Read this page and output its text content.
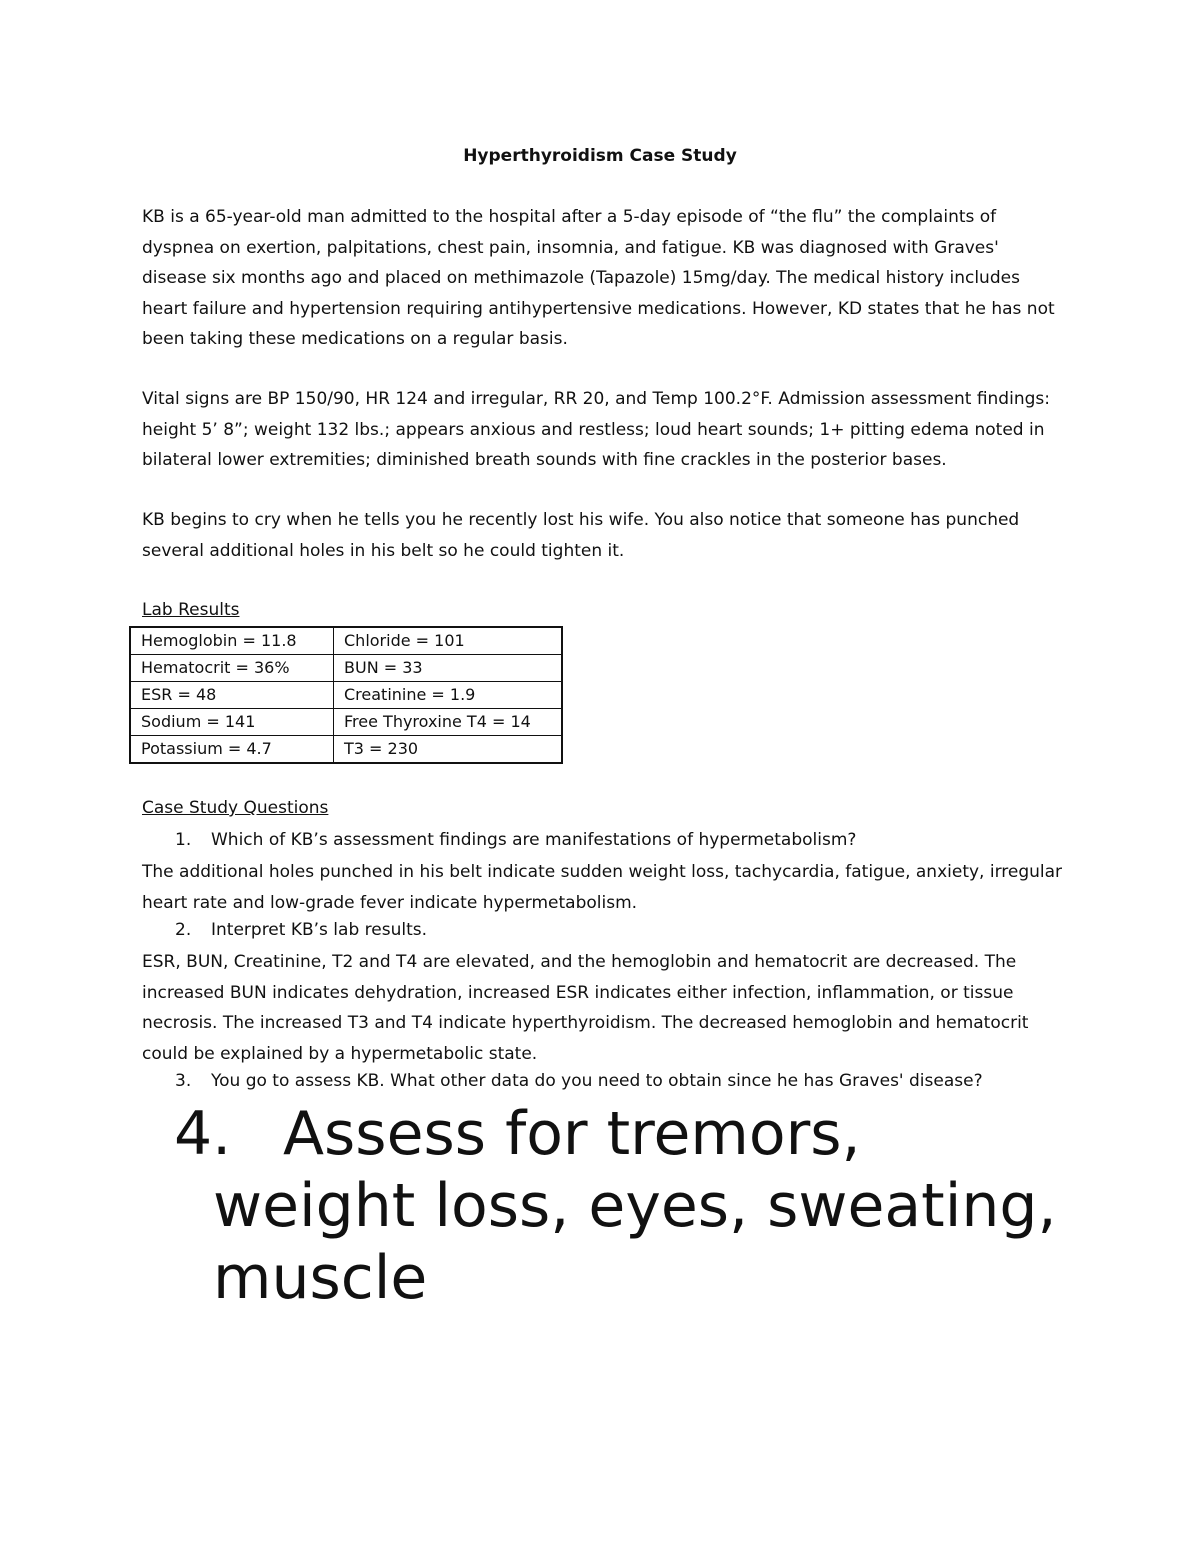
Hyperthyroidism Case Study

KB is a 65-year-old man admitted to the hospital after a 5-day episode of “the flu” the complaints of dyspnea on exertion, palpitations, chest pain, insomnia, and fatigue. KB was diagnosed with Graves' disease six months ago and placed on methimazole (Tapazole) 15mg/day. The medical history includes heart failure and hypertension requiring antihypertensive medications. However, KD states that he has not been taking these medications on a regular basis.

Vital signs are BP 150/90, HR 124 and irregular, RR 20, and Temp 100.2°F. Admission assessment findings: height 5’ 8”; weight 132 lbs.; appears anxious and restless; loud heart sounds; 1+ pitting edema noted in bilateral lower extremities; diminished breath sounds with fine crackles in the posterior bases.

KB begins to cry when he tells you he recently lost his wife. You also notice that someone has punched several additional holes in his belt so he could tighten it.

Lab Results
Hemoglobin = 11.8	Chloride = 101
Hematocrit = 36%	BUN = 33
ESR = 48	Creatinine = 1.9
Sodium = 141	Free Thyroxine T4 = 14
Potassium = 4.7	T3 = 230
Case Study Questions
1. Which of KB’s assessment findings are manifestations of hypermetabolism?

The additional holes punched in his belt indicate sudden weight loss, tachycardia, fatigue, anxiety, irregular heart rate and low-grade fever indicate hypermetabolism.

2. Interpret KB’s lab results.

ESR, BUN, Creatinine, T2 and T4 are elevated, and the hemoglobin and hematocrit are decreased. The increased BUN indicates dehydration, increased ESR indicates either infection, inflammation, or tissue necrosis. The increased T3 and T4 indicate hyperthyroidism. The decreased hemoglobin and hematocrit could be explained by a hypermetabolic state.

3. You go to assess KB. What other data do you need to obtain since he has Graves' disease?
4. Assess for tremors, weight loss, eyes, sweating, muscle
